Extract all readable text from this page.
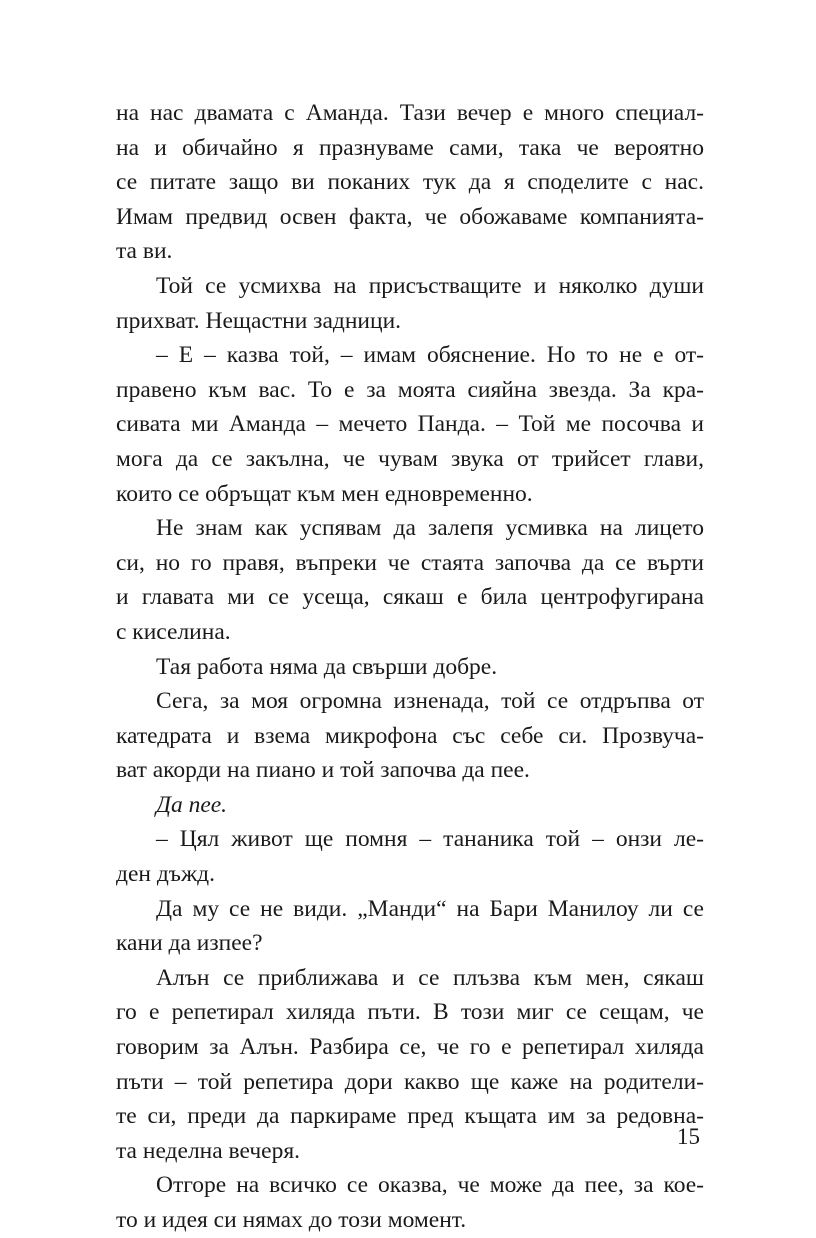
на нас двамата с Аманда. Тази вечер е много специал-
на и обичайно я празнуваме сами, така че вероятно
се питате защо ви поканих тук да я споделите с нас.
Имам предвид освен факта, че обожаваме компанията-
та ви.
Той се усмихва на присъстващите и няколко души
прихват. Нещастни задници.
– Е – казва той, – имам обяснение. Но то не е от-
правено към вас. То е за моята сияйна звезда. За кра-
сивата ми Аманда – мечето Панда. – Той ме посочва и
мога да се закълна, че чувам звука от трийсет глави,
които се обръщат към мен едновременно.
Не знам как успявам да залепя усмивка на лицето
си, но го правя, въпреки че стаята започва да се върти
и главата ми се усеща, сякаш е била центрофугирана
с киселина.
Тая работа няма да свърши добре.
Сега, за моя огромна изненада, той се отдръпва от
катедрата и взема микрофона със себе си. Прозвуча-
ват акорди на пиано и той започва да пее.
Да пее.
– Цял живот ще помня – тананика той – онзи ле-
ден дъжд.
Да му се не види. „Манди“ на Бари Манилоу ли се
кани да изпее?
Алън се приближава и се плъзва към мен, сякаш
го е репетирал хиляда пъти. В този миг се сещам, че
говорим за Алън. Разбира се, че го е репетирал хиляда
пъти – той репетира дори какво ще каже на родители-
те си, преди да паркираме пред къщата им за редовна-
та неделна вечеря.
Отгоре на всичко се оказва, че може да пее, за кое-
то и идея си нямах до този момент.
15
